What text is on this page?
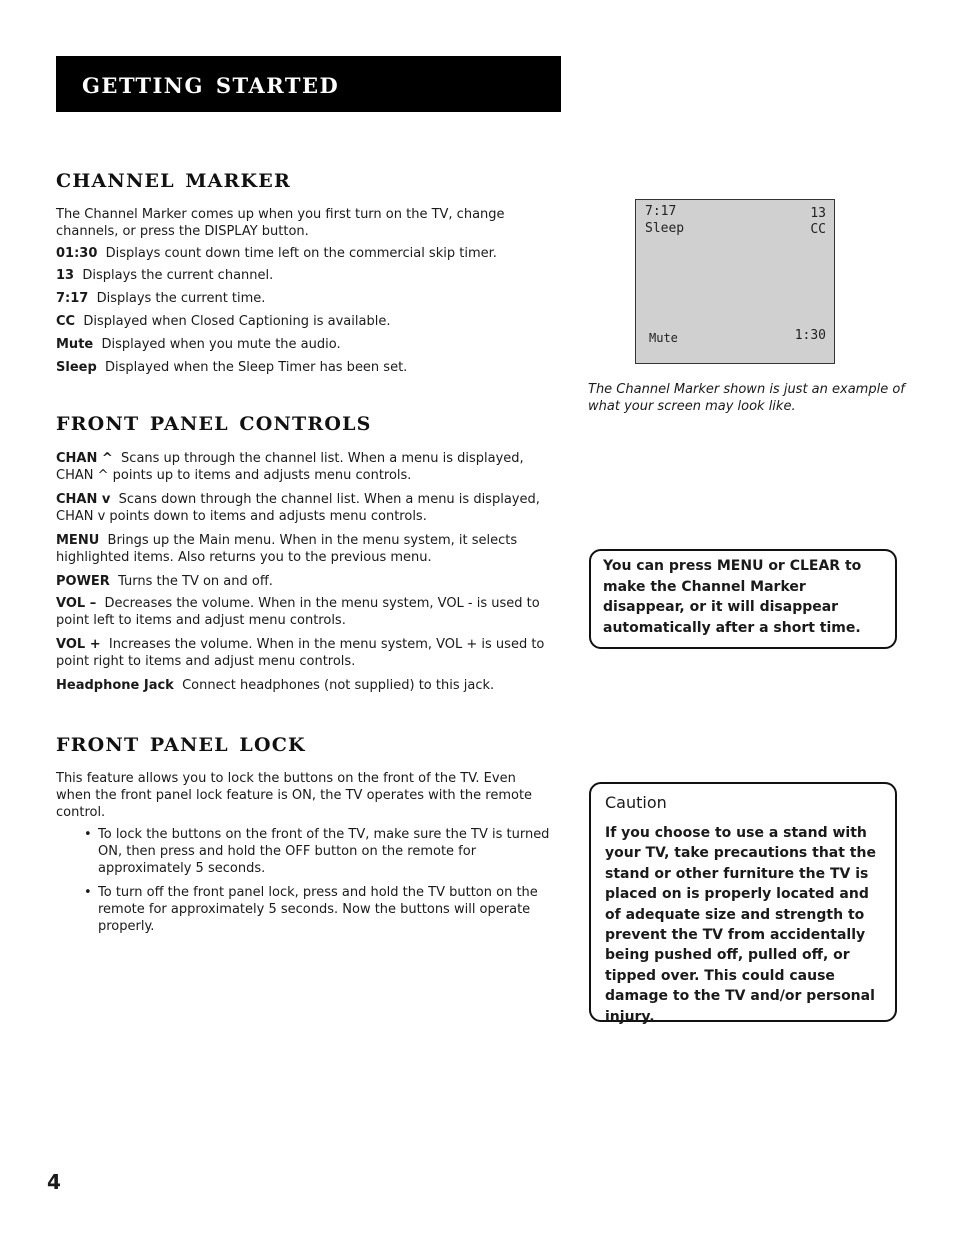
getting started
channel marker

The Channel Marker comes up when you first turn on the TV, change channels, or press the DISPLAY button.

01:30 Displays count down time left on the commercial skip timer.

13 Displays the current channel.

7:17 Displays the current time.

CC Displayed when Closed Captioning is available.

Mute Displayed when you mute the audio.

Sleep Displayed when the Sleep Timer has been set.

7:17
Sleep
13
CC
Mute	1:30
The Channel Marker shown is just an example of what your screen may look like.
front panel controls

CHAN ^ Scans up through the channel list. When a menu is displayed, CHAN ^ points up to items and adjusts menu controls.

CHAN v Scans down through the channel list. When a menu is displayed, CHAN v points down to items and adjusts menu controls.

MENU Brings up the Main menu. When in the menu system, it selects highlighted items. Also returns you to the previous menu.

POWER Turns the TV on and off.

VOL – Decreases the volume. When in the menu system, VOL - is used to point left to items and adjust menu controls.

VOL + Increases the volume. When in the menu system, VOL + is used to point right to items and adjust menu controls.

Headphone Jack Connect headphones (not supplied) to this jack.

You can press MENU or CLEAR to make the Channel Marker disappear, or it will disappear automatically after a short time.
front panel lock

This feature allows you to lock the buttons on the front of the TV. Even when the front panel lock feature is ON, the TV operates with the remote control.

• To lock the buttons on the front of the TV, make sure the TV is turned ON, then press and hold the OFF button on the remote for approximately 5 seconds.
• To turn off the front panel lock, press and hold the TV button on the remote for approximately 5 seconds. Now the buttons will operate properly.
Caution
If you choose to use a stand with your TV, take precautions that the stand or other furniture the TV is placed on is properly located and of adequate size and strength to prevent the TV from accidentally being pushed off, pulled off, or tipped over. This could cause damage to the TV and/or personal injury.
4
